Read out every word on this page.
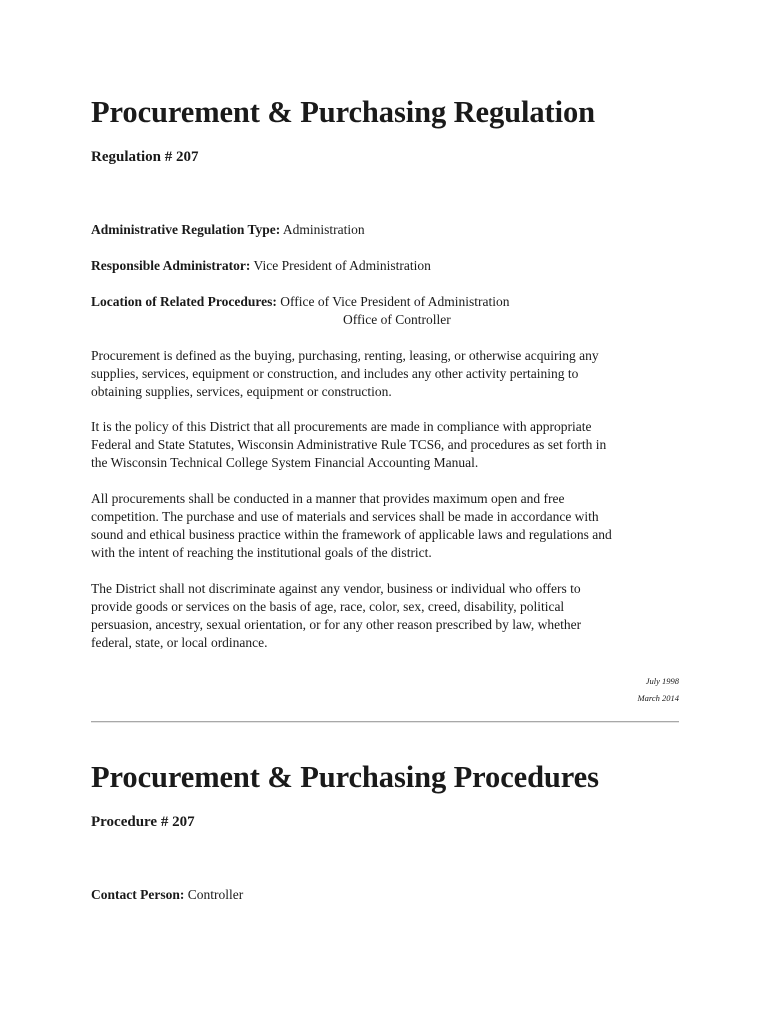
Procurement & Purchasing Regulation
Regulation # 207
Administrative Regulation Type: Administration
Responsible Administrator: Vice President of Administration
Location of Related Procedures: Office of Vice President of Administration
Office of Controller
Procurement is defined as the buying, purchasing, renting, leasing, or otherwise acquiring any
supplies, services, equipment or construction, and includes any other activity pertaining to
obtaining supplies, services, equipment or construction.
It is the policy of this District that all procurements are made in compliance with appropriate
Federal and State Statutes, Wisconsin Administrative Rule TCS6, and procedures as set forth in
the Wisconsin Technical College System Financial Accounting Manual.
All procurements shall be conducted in a manner that provides maximum open and free
competition. The purchase and use of materials and services shall be made in accordance with
sound and ethical business practice within the framework of applicable laws and regulations and
with the intent of reaching the institutional goals of the district.
The District shall not discriminate against any vendor, business or individual who offers to
provide goods or services on the basis of age, race, color, sex, creed, disability, political
persuasion, ancestry, sexual orientation, or for any other reason prescribed by law, whether
federal, state, or local ordinance.
July 1998
March 2014
Procurement & Purchasing Procedures
Procedure # 207
Contact Person: Controller
